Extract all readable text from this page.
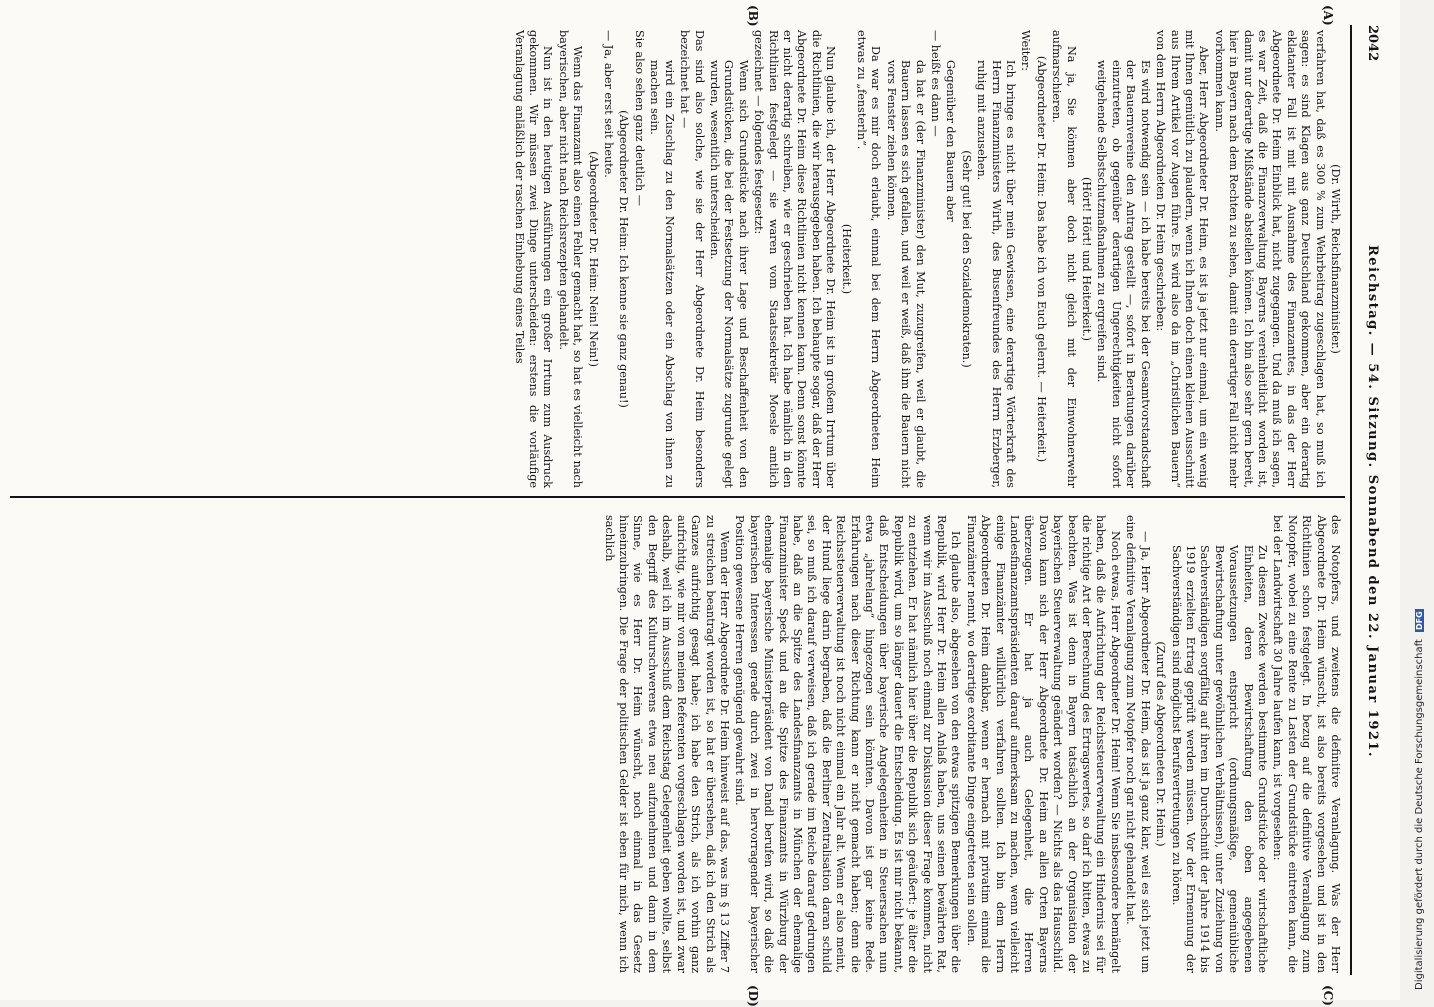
2042
Reichstag. — 54. Sitzung. Sonnabend den 22. Januar 1921.
(A)
(B)
(C)
(D)

(Dr. Wirth, Reichsfinanzminister.)

verfahren hat, daß es 300 % zum Wehrbeitrag zugeschlagen hat, so muß ich sagen: es sind Klagen aus ganz Deutschland gekommen, aber ein derartig eklatanter Fall ist mit mit Ausnahme des Finanzamtes, in das der Herr Abgeordnete Dr. Heim Einblick hat, nicht zugegangen. Und da muß ich sagen, es war Zeit, daß die Finanzverwaltung Bayerns vereinheitlicht worden ist, damit nur derartige Mißstände abstellen können. Ich bin also sehr gern bereit, hier in Bayern nach dem Rechten zu sehen, damit ein derartiger Fall nicht mehr vorkommen kann.

Aber, Herr Abgeordneter Dr. Heim, es ist ja jetzt nur einmal, um ein wenig mit Ihnen gemütlich zu plaudern, wenn ich Ihnen doch einen kleinen Ausschnitt aus Ihrem Artikel vor Augen führe. Es wird also da im „Christlichen Bauern“ von dem Herrn Abgeordneten Dr. Heim geschrieben:

Es wird notwendig sein — ich habe bereits bei der Gesamtvorstandschaft der Bauernvereine den Antrag gestellt —, sofort in Beratungen darüber einzutreten, ob gegenüber derartigen Ungerechtigkeiten nicht sofort weitgehende Selbstschutzmaßnahmen zu ergreifen sind.

(Hört! Hört! und Heiterkeit.)

Na ja, Sie können aber doch nicht gleich mit der Einwohnerwehr aufmarschieren.

(Abgeordneter Dr. Heim: Das habe ich von Euch gelernt. — Heiterkeit.)

Weiter:

Ich bringe es nicht über mein Gewissen, eine derartige Wörterkraft des Herrn Finanzministers Wirth, des Busenfreundes des Herrn Erzberger, ruhig mit anzusehen.

(Sehr gut! bei den Sozialdemokraten.)

Gegenüber den Bauern aber

— heißt es dann —

da hat er (der Finanzminister) den Mut, zuzugreifen, weil er glaubt, die Bauern lassen es sich gefallen, und weil er weiß, daß ihm die Bauern nicht vors Fenster ziehen können.

Da war es mir doch erlaubt, einmal bei dem Herrn Abgeordneten Heim etwas zu „fensterln“.

(Heiterkeit.)

Nun glaube ich, der Herr Abgeordnete Dr. Heim ist in großem Irrtum über die Richtlinien, die wir herausgegeben haben. Ich behaupte sogar, daß der Herr Abgeordnete Dr. Heim diese Richtlinien nicht kennen kann. Denn sonst könnte er nicht derartig schreiben, wie er geschrieben hat. Ich habe nämlich in den Richtlinien festgelegt — sie waren vom Staatssekretär Moesle amtlich gezeichnet — folgendes festgesetzt:

Wenn sich Grundstücke nach ihrer Lage und Beschaffenheit von den Grundstücken, die bei der Festsetzung der Normalsätze zugrunde gelegt wurden, wesentlich unterscheiden.

Das sind also solche, wie sie der Herr Abgeordnete Dr. Heim besonders bezeichnet hat —

wird ein Zuschlag zu den Normalsätzen oder ein Abschlag von ihnen zu machen sein.

Sie also sehen ganz deutlich —

(Abgeordneter Dr. Heim: Ich kenne sie ganz genau!)

— Ja, aber erst seit heute.

(Abgeordneter Dr. Heim: Nein! Nein!)

Wenn das Finanzamt also einen Fehler gemacht hat, so hat es vielleicht nach bayerischen, aber nicht nach Reichsrezepten gehandelt.

Nun ist in den heutigen Ausführungen ein großer Irrtum zum Ausdruck gekommen. Wir müssen zwei Dinge unterscheiden: erstens die vorläufige Veranlagung anläßlich der raschen Einhebung eines Teiles

des Notopfers, und zweitens die definitive Veranlagung. Was der Herr Abgeordnete Dr. Heim wünscht, ist also bereits vorgesehen und ist in den Richtlinien schon festgelegt. In bezug auf die definitive Veranlagung zum Notopfer, wobei zu eine Rente zu Lasten der Grundstücke eintreten kann, die bei der Landwirtschaft 30 Jahre laufen kann, ist vorgesehen:

Zu diesem Zwecke werden bestimmte Grundstücke oder wirtschaftliche Einheiten, deren Bewirtschaftung den oben angegebenen Voraussetzungen entspricht (ordnungsmäßige, gemeinübliche Bewirtschaftung unter gewöhnlichen Verhältnissen), unter Zuziehung von Sachverständigen sorgfältig auf ihren im Durchschnitt der Jahre 1914 bis 1919 erzielten Ertrag geprüft werden müssen. Vor der Ernennung der Sachverständigen sind möglichst Berufsvertretungen zu hören.

(Zuruf des Abgeordneten Dr. Heim.)

— Ja, Herr Abgeordneter Dr. Heim, das ist ja ganz klar, weil es sich jetzt um eine definitive Veranlagung zum Notopfer noch gar nicht gehandelt hat.

Noch etwas, Herr Abgeordneter Dr. Heim! Wenn Sie insbesondere bemängelt haben, daß die Aufrichtung der Reichssteuerverwaltung ein Hindernis sei für die richtige Art der Berechnung des Ertragswertes, so darf ich bitten, etwas zu beachten. Was ist denn in Bayern tatsächlich an der Organisation der bayerischen Steuerverwaltung geändert worden? — Nichts als das Hausschild. Davon kann sich der Herr Abgeordnete Dr. Heim an allen Orten Bayerns überzeugen. Er hat ja auch Gelegenheit, die Herren Landesfinanzamtspräsidenten darauf aufmerksam zu machen, wenn vielleicht einige Finanzämter willkürlich verfahren sollten. Ich bin dem Herrn Abgeordneten Dr. Heim dankbar, wenn er hernach mit privatim einmal die Finanzämter nennt, wo derartige exorbitante Dinge eingetreten sein sollen.

Ich glaube also, abgesehen von den etwas spitzigen Bemerkungen über die Republik, wird Herr Dr. Heim allen Anlaß haben, uns seinen bewährten Rat, wenn wir im Ausschuß noch einmal zur Diskussion dieser Frage kommen, nicht zu entziehen. Er hat nämlich hier über die Republik sich geäußert: je älter die Republik wird, um so länger dauert die Entscheidung. Es ist mir nicht bekannt, daß Entscheidungen über bayerische Angelegenheiten in Steuersachen nun etwa „jahrelang“ hingezogen sein könnten. Davon ist gar keine Rede. Erfahrungen nach dieser Richtung kann er nicht gemacht haben; denn die Reichssteuerverwaltung ist noch nicht einmal ein Jahr alt. Wenn er also meint, der Hund liege darin begraben, daß die Berliner Zentralisation daran schuld sei, so muß ich darauf verweisen, daß ich gerade im Reiche darauf gedrungen habe, daß an die Spitze des Landesfinanzamts in München der ehemalige Finanzminister Speck und an die Spitze des Finanzamts in Würzburg der ehemalige bayerische Ministerpräsident von Dandl berufen wird, so daß die bayerischen Interessen gerade durch zwei in hervorragender bayerischer Position gewesene Herren genügend gewahrt sind.

Wenn der Herr Abgeordnete Dr. Heim hinweist auf das, was im § 13 Ziffer 7 zu streichen beantragt worden ist, so hat er übersehen, daß ich den Strich als Ganzes aufrichtig gesagt habe; ich habe den Strich, als ich vorhin ganz aufrichtig, wie mir von meinen Referenten vorgeschlagen worden ist, und zwar deshalb, weil ich im Ausschuß dem Reichstag Gelegenheit geben wollte, selbst den Begriff des Kulturschwerens etwa neu aufzunehmen und dann in dem Sinne, wie es Herr Dr. Heim wünscht, noch einmal in das Gesetz hineinzubringen. Die Frage der politischen Gelder ist eben für mich, wenn ich sachlich

Digitalisierung gefördert durch die Deutsche Forschungsgemeinschaft DFG
